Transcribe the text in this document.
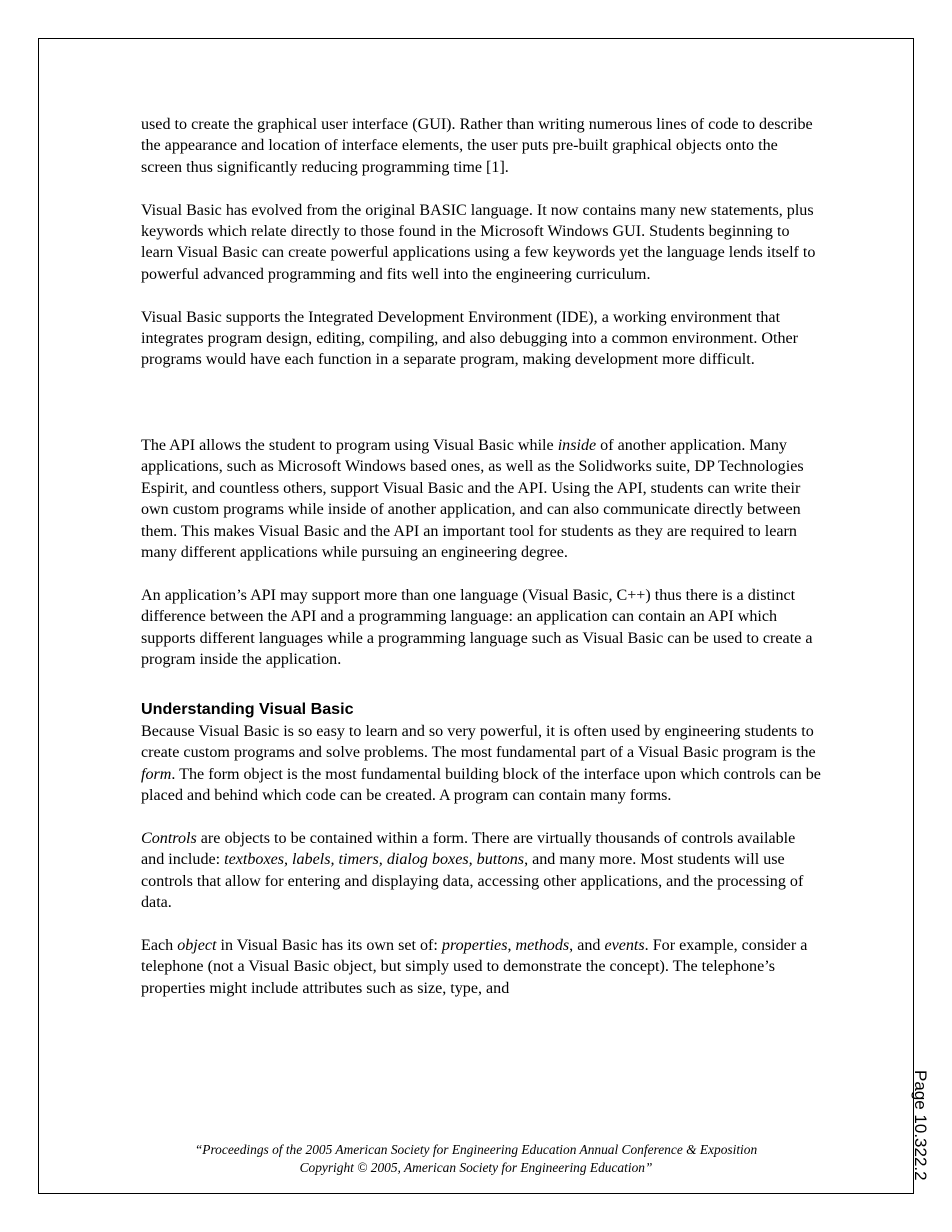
used to create the graphical user interface (GUI). Rather than writing numerous lines of code to describe the appearance and location of interface elements, the user puts pre-built graphical objects onto the screen thus significantly reducing programming time [1].

Visual Basic has evolved from the original BASIC language. It now contains many new statements, plus keywords which relate directly to those found in the Microsoft Windows GUI. Students beginning to learn Visual Basic can create powerful applications using a few keywords yet the language lends itself to powerful advanced programming and fits well into the engineering curriculum.

Visual Basic supports the Integrated Development Environment (IDE), a working environment that integrates program design, editing, compiling, and also debugging into a common environment. Other programs would have each function in a separate program, making development more difficult.

The API allows the student to program using Visual Basic while inside of another application. Many applications, such as Microsoft Windows based ones, as well as the Solidworks suite, DP Technologies Espirit, and countless others, support Visual Basic and the API. Using the API, students can write their own custom programs while inside of another application, and can also communicate directly between them. This makes Visual Basic and the API an important tool for students as they are required to learn many different applications while pursuing an engineering degree.

An application’s API may support more than one language (Visual Basic, C++) thus there is a distinct difference between the API and a programming language: an application can contain an API which supports different languages while a programming language such as Visual Basic can be used to create a program inside the application.

Understanding Visual Basic

Because Visual Basic is so easy to learn and so very powerful, it is often used by engineering students to create custom programs and solve problems. The most fundamental part of a Visual Basic program is the form. The form object is the most fundamental building block of the interface upon which controls can be placed and behind which code can be created. A program can contain many forms.

Controls are objects to be contained within a form. There are virtually thousands of controls available and include: textboxes, labels, timers, dialog boxes, buttons, and many more. Most students will use controls that allow for entering and displaying data, accessing other applications, and the processing of data.

Each object in Visual Basic has its own set of: properties, methods, and events. For example, consider a telephone (not a Visual Basic object, but simply used to demonstrate the concept). The telephone’s properties might include attributes such as size, type, and

“Proceedings of the 2005 American Society for Engineering Education Annual Conference & Exposition
Copyright © 2005, American Society for Engineering Education”	Page 10.322.2
